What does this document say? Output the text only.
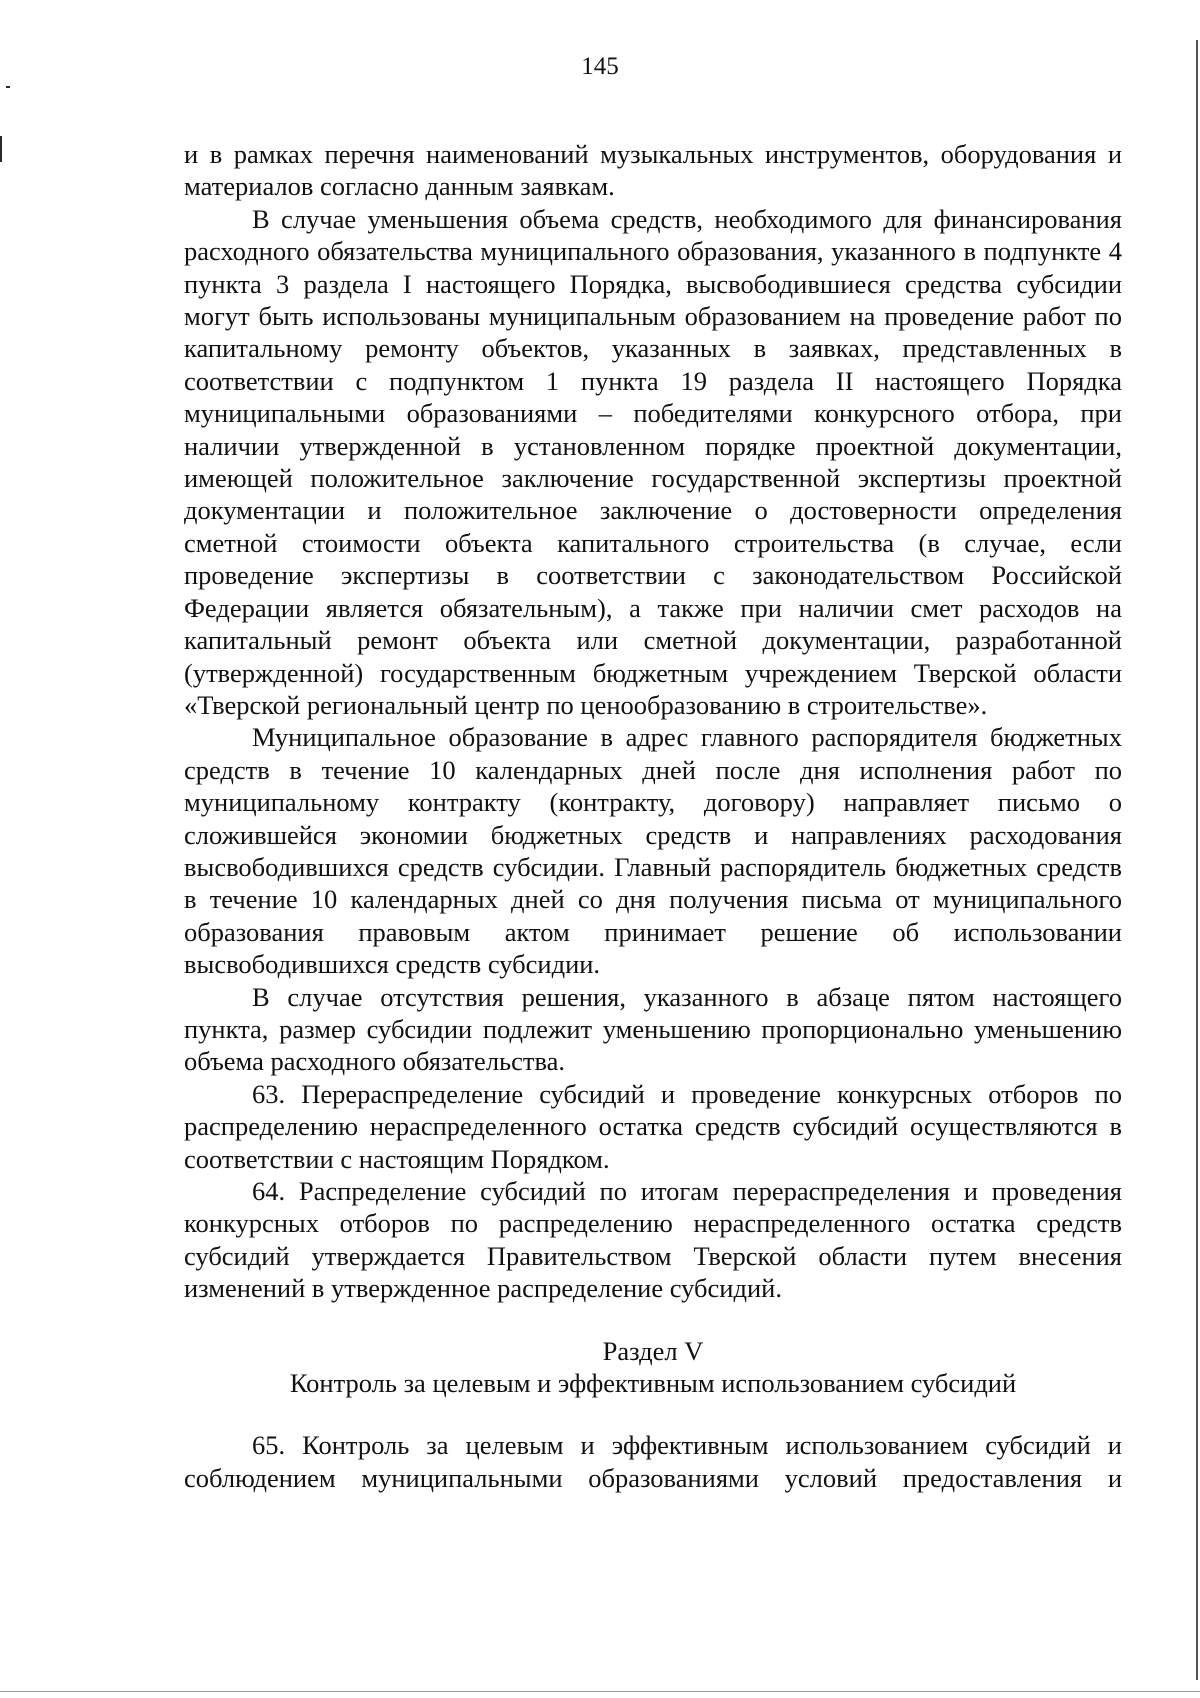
145

и в рамках перечня наименований музыкальных инструментов, оборудования и материалов согласно данным заявкам.

В случае уменьшения объема средств, необходимого для финансирования расходного обязательства муниципального образования, указанного в подпункте 4 пункта 3 раздела I настоящего Порядка, высвободившиеся средства субсидии могут быть использованы муниципальным образованием на проведение работ по капитальному ремонту объектов, указанных в заявках, представленных в соответствии с подпунктом 1 пункта 19 раздела II настоящего Порядка муниципальными образованиями – победителями конкурсного отбора, при наличии утвержденной в установленном порядке проектной документации, имеющей положительное заключение государственной экспертизы проектной документации и положительное заключение о достоверности определения сметной стоимости объекта капитального строительства (в случае, если проведение экспертизы в соответствии с законодательством Российской Федерации является обязательным), а также при наличии смет расходов на капитальный ремонт объекта или сметной документации, разработанной (утвержденной) государственным бюджетным учреждением Тверской области «Тверской региональный центр по ценообразованию в строительстве».

Муниципальное образование в адрес главного распорядителя бюджетных средств в течение 10 календарных дней после дня исполнения работ по муниципальному контракту (контракту, договору) направляет письмо о сложившейся экономии бюджетных средств и направлениях расходования высвободившихся средств субсидии. Главный распорядитель бюджетных средств в течение 10 календарных дней со дня получения письма от муниципального образования правовым актом принимает решение об использовании высвободившихся средств субсидии.

В случае отсутствия решения, указанного в абзаце пятом настоящего пункта, размер субсидии подлежит уменьшению пропорционально уменьшению объема расходного обязательства.

63. Перераспределение субсидий и проведение конкурсных отборов по распределению нераспределенного остатка средств субсидий осуществляются в соответствии с настоящим Порядком.

64. Распределение субсидий по итогам перераспределения и проведения конкурсных отборов по распределению нераспределенного остатка средств субсидий утверждается Правительством Тверской области путем внесения изменений в утвержденное распределение субсидий.

Раздел V

Контроль за целевым и эффективным использованием субсидий

65. Контроль за целевым и эффективным использованием субсидий и соблюдением муниципальными образованиями условий предоставления и
